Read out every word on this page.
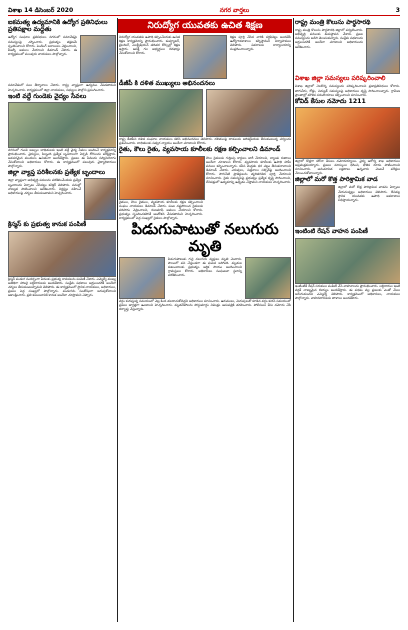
విశాఖ 14 డిసెంబర్ 2020	నగర వార్తలు	3
నిరుద్యోగ యువతకు ఉచిత శిక్షణ
ఐకమత్య ఉద్యమానికి ఉద్యోగ ప్రతినిధులు ప్రతిపక్షాల మద్దతు
ఉద్యోగ సంఘాల ప్రతినిధులు నగరంలో సమావేశమై సమస్యలపై చర్చించారు. ప్రభుత్వం తక్షణమే స్పందించాలని కోరారు. పెండింగ్ బకాయిలు చెల్లించాలని, పీఆర్సీ అమలు చేయాలని డిమాండ్ చేశారు. ఈ కార్యక్రమంలో పలువురు నాయకులు పాల్గొన్నారు.
సమావేశంలో పలు తీర్మానాలు చేశారు. రాష్ట్ర వ్యాప్తంగా ఉద్యమం చేపడతామని హెచ్చరించారు. కార్యక్రమంలో జిల్లా నాయకులు, సభ్యులు పాల్గొని ప్రసంగించారు.
ఇంటి వద్దే గుండెకు వైద్యం సేవలు
నగరంలో గుండె జబ్బుల బాధితులకు ఇంటి వద్దే వైద్య సేవలు అందించే కార్యక్రమాన్ని ప్రారంభించారు. వైద్యులు, సిబ్బంది ప్రత్యేక బృందాలుగా ఏర్పడి రోగులను పరీక్షిస్తారు. అవసరమైన మందులు ఉచితంగా అందజేస్తారు. ప్రజలు ఈ సేవలను సద్వినియోగం చేసుకోవాలని అధికారులు కోరారు. ఈ కార్యక్రమంలో పలువురు వైద్యాధికారులు పాల్గొన్నారు.
జిల్లా వ్యాప్త పరిశీలనకు ప్రత్యేక బృందాలు
జిల్లా వ్యాప్తంగా అభివృద్ధి పనులను పరిశీలించేందుకు ప్రత్యేక బృందాలను ఏర్పాటు చేసినట్లు కలెక్టర్ తెలిపారు. పనుల్లో నాణ్యత పాటించాలని ఆదేశించారు. నిర్లక్ష్యం వహించే అధికారులపై చర్యలు తీసుకుంటామని హెచ్చరించారు.
క్రిస్మస్ కు ప్రభుత్వ కానుక పంపిణీ
క్రిస్మస్ పండుగ సందర్భంగా పేదలకు ప్రభుత్వ కానుకలను పంపిణీ చేశారు. ఎమ్మెల్యే ముఖ్య అతిథిగా హాజరై లబ్ధిదారులకు అందజేశారు. సంక్షేమ పథకాలు అర్హులందరికీ అందేలా చర్యలు తీసుకుంటున్నామని తెలిపారు. ఈ కార్యక్రమంలో స్థానిక నాయకులు, అధికారులు, ప్రజలు పెద్ద సంఖ్యలో పాల్గొన్నారు. పండుగను సంతోషంగా జరుపుకోవాలని ఆకాంక్షించారు. ప్రతి కుటుంబానికి కానుక అందేలా చూస్తామని చెప్పారు.
నిరుద్యోగ యువతకు ఉపాధి కల్పించేందుకు ఉచిత శిక్షణ కార్యక్రమాన్ని ప్రారంభించారు. కంప్యూటర్, టైలరింగ్, ఎలక్ట్రీషియన్ తదితర కోర్సుల్లో శిక్షణ ఇస్తారు. ఆసక్తి గల అభ్యర్థులు దరఖాస్తు చేసుకోవాలని కోరారు.
శిక్షణ పూర్తి చేసిన వారికి సర్టిఫికెట్లు అందజేసి ఉద్యోగావకాశాలు కల్పిస్తామని నిర్వాహకులు తెలిపారు. వివరాలకు కార్యాలయాన్ని సంప్రదించాలన్నారు.
డీజీపీ కి దళిత ముఖ్యులు అభినందనలు
రాష్ట్ర డీజీపీని దళిత సంఘాల నాయకులు కలిసి అభినందనలు తెలిపారు. దళితులపై దాడులను అరికట్టేందుకు తీసుకుంటున్న చర్యలను ప్రశంసించారు. బాధితులకు సత్వర న్యాయం అందేలా చూడాలని కోరారు.
రైతు, కౌలు రైతు, వ్యవసాయ కూలీలకు రక్షణ కల్పించాలని డిమాండ్
రైతులు, కౌలు రైతులు, వ్యవసాయ కూలీలకు రక్షణ కల్పించాలని సంఘం నాయకులు డిమాండ్ చేశారు. పంట నష్టపోయిన రైతులకు పరిహారం చెల్లించాలని, రుణమాఫీ అమలు చేయాలని కోరారు. ప్రభుత్వం స్పందించకపోతే ఆందోళన చేపడతామని హెచ్చరించారు. కార్యక్రమంలో పెద్ద సంఖ్యలో రైతులు పాల్గొన్నారు.
కౌలు రైతులకు గుర్తింపు కార్డులు జారీ చేయాలని, బ్యాంకు రుణాలు అందేలా చూడాలని కోరారు. వ్యవసాయ కూలీలకు ఉపాధి హామీ పనులు కల్పించాలన్నారు. కనీస మద్దతు ధర చట్టం తీసుకురావాలని డిమాండ్ చేశారు. ఎరువులు, విత్తనాలు సబ్సిడీపై అందించాలని కోరారు. సాగునీటి ప్రాజెక్టులను త్వరితగతిన పూర్తి చేయాలని సూచించారు. రైతు సమస్యలపై ప్రభుత్వం ప్రత్యేక దృష్టి సారించాలని, లేనిపక్షంలో ఉద్యమాన్ని ఉధృతం చేస్తామని నాయకులు హెచ్చరించారు.
పిడుగుపాటుతో నలుగురు మృతి
పిడుగుపాటుకు గురై నలుగురు వ్యక్తులు మృతి చెందారు. పొలంలో పని చేస్తుండగా ఈ ఘటన జరిగింది. మృతుల కుటుంబాలకు ప్రభుత్వం ఆర్థిక సాయం అందించాలని గ్రామస్తులు కోరారు. అధికారులు సంఘటనా స్థలాన్ని పరిశీలించారు.
వర్షం కురుస్తున్న సమయంలో చెట్ల కింద తలదాచుకోవద్దని అధికారులు సూచించారు. ఉరుములు, మెరుపులతో కూడిన వర్షం కురిసే సమయంలో ప్రజలు జాగ్రత్తగా ఉండాలని హెచ్చరించారు. మృతదేహాలను పోస్టుమార్టం నిమిత్తం ఆసుపత్రికి తరలించారు. పోలీసులు కేసు నమోదు చేసి దర్యాప్తు చేస్తున్నారు.
రాష్ట్ర మంత్రి కొలుసు పార్థసారథి
రాష్ట్ర మంత్రి కొలుసు పార్థసారథి జిల్లాలో పర్యటించారు. అభివృద్ధి పనులకు శంకుస్థాపన చేశారు. ప్రజల సమస్యలను అడిగి తెలుసుకున్నారు. సంక్షేమ పథకాలను అర్హులందరికీ అందేలా చూడాలని అధికారులను ఆదేశించారు.
విశాఖ జిల్లా సమస్యలు పరిష్కరించాలి
విశాఖ జిల్లాలో నెలకొన్న సమస్యలను పరిష్కరించాలని ప్రజాప్రతినిధులు కోరారు. తాగునీరు, రోడ్లు, విద్యుత్ సమస్యలపై అధికారులు దృష్టి సారించాలన్నారు. గ్రామీణ ప్రాంతాల్లో మౌలిక సదుపాయాలు కల్పించాలని సూచించారు.
కోవిడ్ కేసుల నమోదు 1211
జిల్లాలో కొత్తగా కరోనా కేసులు నమోదయ్యాయి. వైద్య ఆరోగ్య శాఖ అధికారులు అప్రమత్తమయ్యారు. ప్రజలు మాస్కులు ధరించి, భౌతిక దూరం పాటించాలని సూచించారు. అనుమానిత లక్షణాలు ఉన్నవారు వెంటనే పరీక్షలు చేయించుకోవాలన్నారు.
జిల్లాలో మరో కొత్త పారిశ్రామిక వాడ
జిల్లాలో మరో కొత్త పారిశ్రామిక వాడను ఏర్పాటు చేయనున్నట్లు అధికారులు తెలిపారు. దీనివల్ల స్థానిక యువతకు ఉపాధి అవకాశాలు లభిస్తాయన్నారు.
ఇంటింటి రేషన్ వాహన పంపిణీ
ఇంటింటికీ రేషన్ సరుకులు పంపిణీ చేసే వాహనాలను ప్రారంభించారు. లబ్ధిదారుల ఇంటి వద్దకే నాణ్యమైన బియ్యం అందజేస్తారు. ఈ పథకం వల్ల ప్రజలకు ఎంతో మేలు జరుగుతుందని ఎమ్మెల్యే తెలిపారు. కార్యక్రమంలో అధికారులు, నాయకులు పాల్గొన్నారు. వాహనదారులకు తాళాలు అందజేశారు.
